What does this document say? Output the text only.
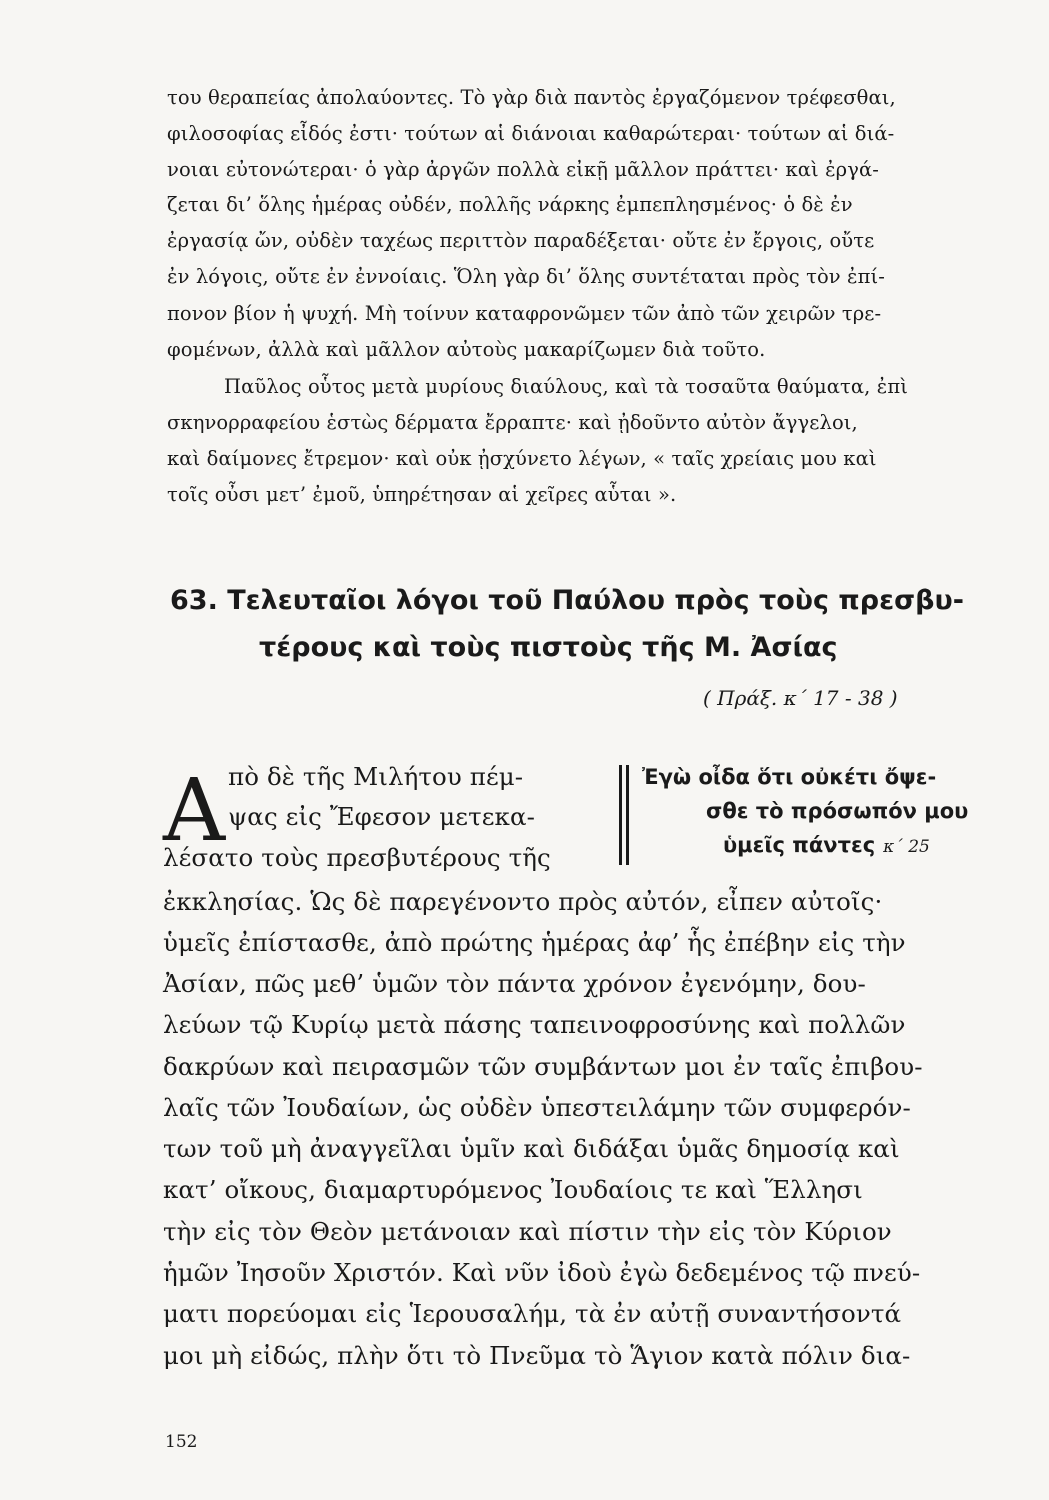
του θεραπείας ἀπολαύοντες. Τὸ γὰρ διὰ παντὸς ἐργαζόμενον τρέφεσθαι,
φιλοσοφίας εἶδός ἐστι· τούτων αἱ διάνοιαι καθαρώτεραι· τούτων αἱ διά-
νοιαι εὐτονώτεραι· ὁ γὰρ ἀργῶν πολλὰ εἰκῇ μᾶλλον πράττει· καὶ ἐργά-
ζεται δι’ ὅλης ἡμέρας οὐδέν, πολλῆς νάρκης ἐμπεπλησμένος· ὁ δὲ ἐν
ἐργασίᾳ ὤν, οὐδὲν ταχέως περιττὸν παραδέξεται· οὔτε ἐν ἔργοις, οὔτε
ἐν λόγοις, οὔτε ἐν ἐννοίαις. Ὅλη γὰρ δι’ ὅλης συντέταται πρὸς τὸν ἐπί-
πονον βίον ἡ ψυχή. Μὴ τοίνυν καταφρονῶμεν τῶν ἀπὸ τῶν χειρῶν τρε-
φομένων, ἀλλὰ καὶ μᾶλλον αὐτοὺς μακαρίζωμεν διὰ τοῦτο.
Παῦλος οὗτος μετὰ μυρίους διαύλους, καὶ τὰ τοσαῦτα θαύματα, ἐπὶ
σκηνορραφείου ἑστὼς δέρματα ἔρραπτε· καὶ ᾐδοῦντο αὐτὸν ἄγγελοι,
καὶ δαίμονες ἔτρεμον· καὶ οὐκ ᾐσχύνετο λέγων, « ταῖς χρείαις μου καὶ
τοῖς οὖσι μετ’ ἐμοῦ, ὑπηρέτησαν αἱ χεῖρες αὗται ».
63. Τελευταῖοι λόγοι τοῦ Παύλου πρὸς τοὺς πρεσβυ-
τέρους καὶ τοὺς πιστοὺς τῆς Μ. Ἀσίας
( Πράξ. κ΄ 17 - 38 )
Α πὸ δὲ τῆς Μιλήτου πέμ-
ψας εἰς Ἔφεσον μετεκα-
λέσατο τοὺς πρεσβυτέρους τῆς
Ἐγὼ οἶδα ὅτι οὐκέτι ὄψε-
σθε τὸ πρόσωπόν μου
ὑμεῖς πάντες κ΄ 25
ἐκκλησίας. Ὡς δὲ παρεγένοντο πρὸς αὐτόν, εἶπεν αὐτοῖς·
ὑμεῖς ἐπίστασθε, ἀπὸ πρώτης ἡμέρας ἀφ’ ἧς ἐπέβην εἰς τὴν
Ἀσίαν, πῶς μεθ’ ὑμῶν τὸν πάντα χρόνον ἐγενόμην, δου-
λεύων τῷ Κυρίῳ μετὰ πάσης ταπεινοφροσύνης καὶ πολλῶν
δακρύων καὶ πειρασμῶν τῶν συμβάντων μοι ἐν ταῖς ἐπιβου-
λαῖς τῶν Ἰουδαίων, ὡς οὐδὲν ὑπεστειλάμην τῶν συμφερόν-
των τοῦ μὴ ἀναγγεῖλαι ὑμῖν καὶ διδάξαι ὑμᾶς δημοσίᾳ καὶ
κατ’ οἴκους, διαμαρτυρόμενος Ἰουδαίοις τε καὶ Ἕλλησι
τὴν εἰς τὸν Θεὸν μετάνοιαν καὶ πίστιν τὴν εἰς τὸν Κύριον
ἡμῶν Ἰησοῦν Χριστόν. Καὶ νῦν ἰδοὺ ἐγὼ δεδεμένος τῷ πνεύ-
ματι πορεύομαι εἰς Ἱερουσαλήμ, τὰ ἐν αὐτῇ συναντήσοντά
μοι μὴ εἰδώς, πλὴν ὅτι τὸ Πνεῦμα τὸ Ἅγιον κατὰ πόλιν δια-
152
